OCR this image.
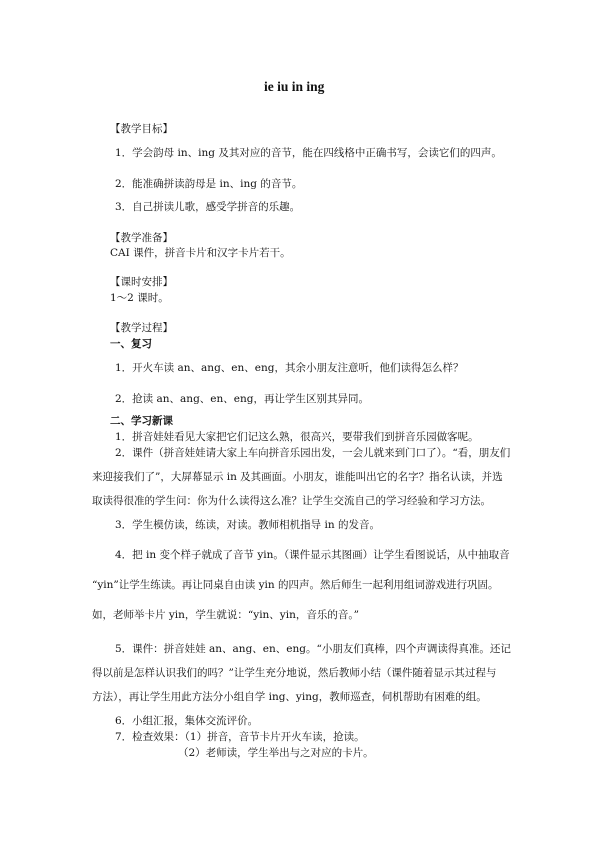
ie iu in ing
【教学目标】
1．学会韵母 in、ing 及其对应的音节，能在四线格中正确书写，会读它们的四声。
2．能准确拼读韵母是 in、ing 的音节。
3．自己拼读儿歌，感受学拼音的乐趣。
【教学准备】
CAI 课件，拼音卡片和汉字卡片若干。
【课时安排】
1～2 课时。
【教学过程】
一、复习
1．开火车读 an、ang、en、eng，其余小朋友注意听，他们读得怎么样？
2．抢读 an、ang、en、eng，再让学生区别其异同。
二、学习新课
1．拼音娃娃看见大家把它们记这么熟，很高兴，要带我们到拼音乐园做客呢。
2．课件（拼音娃娃请大家上车向拼音乐园出发，一会儿就来到门口了）。“看，朋友们
来迎接我们了”，大屏幕显示 in 及其画面。小朋友，谁能叫出它的名字？指名认读，并选
取读得很准的学生问：你为什么读得这么准？让学生交流自己的学习经验和学习方法。
3．学生模仿读，练读，对读。教师相机指导 in 的发音。
4．把 in 变个样子就成了音节 yin。（课件显示其图画）让学生看图说话，从中抽取音
“yin”让学生练读。再让同桌自由读 yin 的四声。然后师生一起利用组词游戏进行巩固。
如，老师举卡片 yin，学生就说：“yin、yin，音乐的音。”
5．课件：拼音娃娃 an、ang、en、eng。“小朋友们真棒，四个声调读得真准。还记
得以前是怎样认识我们的吗？”让学生充分地说，然后教师小结（课件随着显示其过程与
方法），再让学生用此方法分小组自学 ing、ying，教师巡查，伺机帮助有困难的组。
6．小组汇报，集体交流评价。
7．检查效果：（1）拼音，音节卡片开火车读，抢读。
（2）老师读，学生举出与之对应的卡片。
